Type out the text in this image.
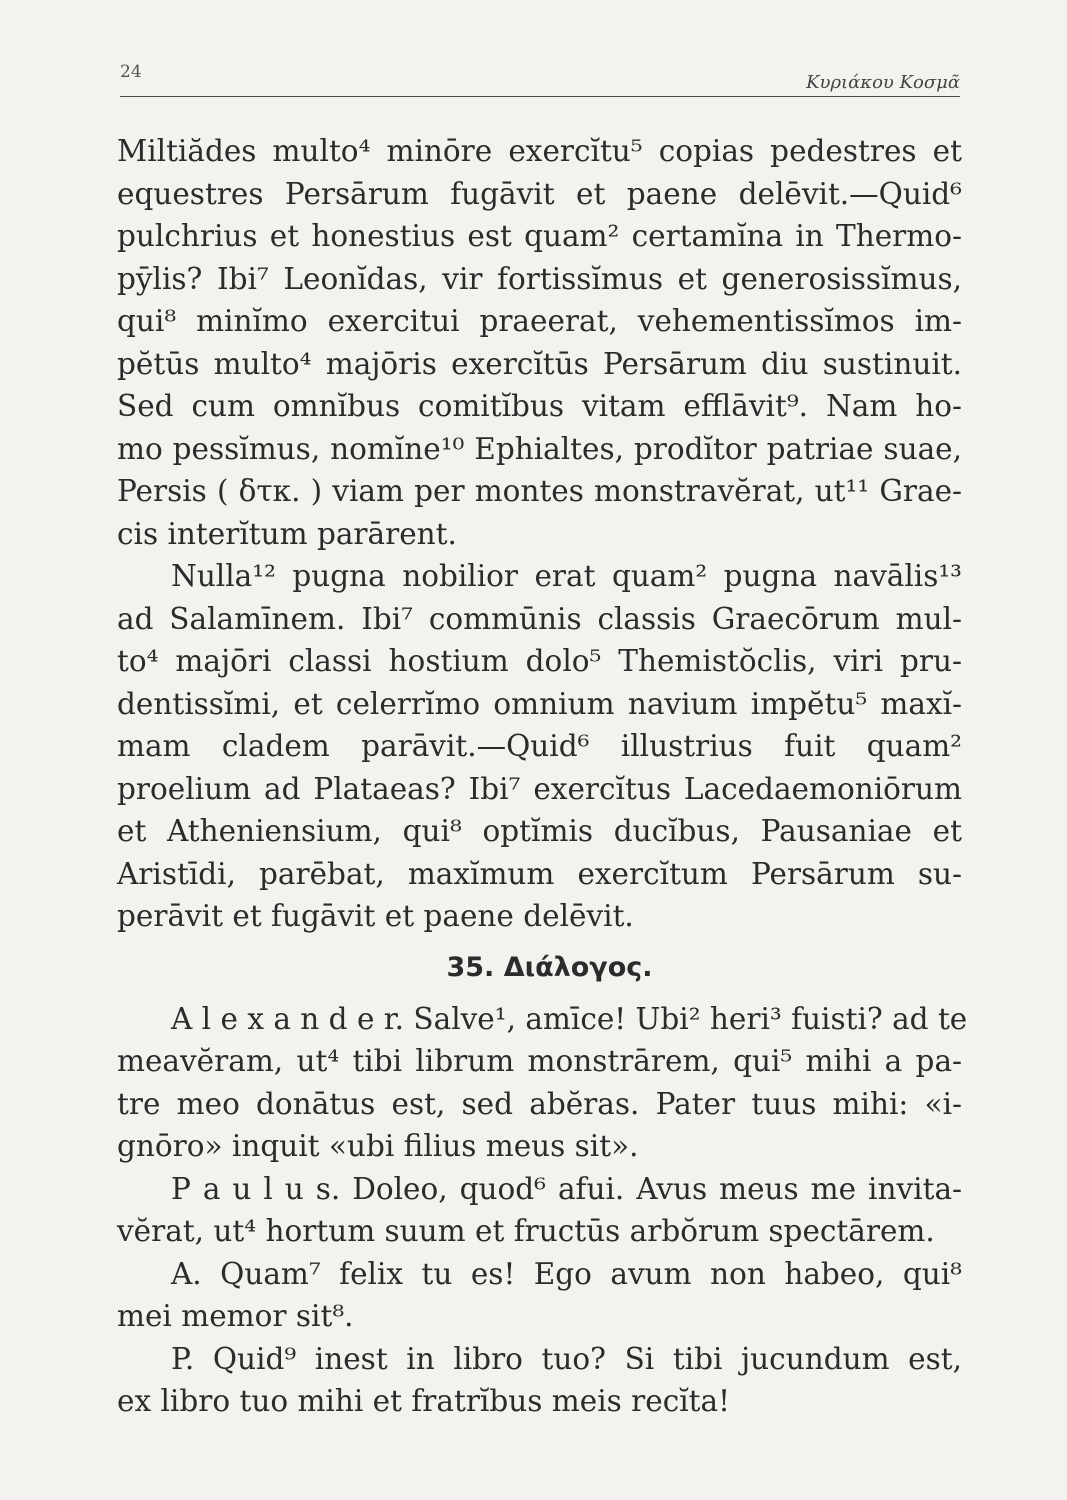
24	Κυριάκου Κοσμᾶ
Miltiădes multo⁴ minōre exercĭtu⁵ copias pedestres et
equestres Persārum fugāvit et paene delēvit.—Quid⁶
pulchrius et honestius est quam² certamĭna in Thermo-
pȳlis? Ibi⁷ Leonĭdas, vir fortissĭmus et generosissĭmus,
qui⁸ minĭmo exercitui praeerat, vehementissĭmos im-
pĕtūs multo⁴ majōris exercĭtūs Persārum diu sustinuit.
Sed cum omnĭbus comitĭbus vitam efflāvit⁹. Nam ho-
mo pessĭmus, nomĭne¹⁰ Ephialtes, prodĭtor patriae suae,
Persis ( δτκ. ) viam per montes monstravĕrat, ut¹¹ Grae-
cis interĭtum parārent.
Nulla¹² pugna nobilior erat quam² pugna navālis¹³
ad Salamīnem. Ibi⁷ commūnis classis Graecōrum mul-
to⁴ majōri classi hostium dolo⁵ Themistŏclis, viri pru-
dentissĭmi, et celerrĭmo omnium navium impĕtu⁵ maxĭ-
mam cladem parāvit.—Quid⁶ illustrius fuit quam²
proelium ad Plataeas? Ibi⁷ exercĭtus Lacedaemoniōrum
et Atheniensium, qui⁸ optĭmis ducĭbus, Pausaniae et
Aristīdi, parēbat, maxĭmum exercĭtum Persārum su-
perāvit et fugāvit et paene delēvit.
35. Διάλογος.
A l e x a n d e r. Salve¹, amīce! Ubi² heri³ fuisti? ad te
meavĕram, ut⁴ tibi librum monstrārem, qui⁵ mihi a pa-
tre meo donātus est, sed abĕras. Pater tuus mihi: «i-
gnōro» inquit «ubi filius meus sit».
P a u l u s. Doleo, quod⁶ afui. Avus meus me invita-
vĕrat, ut⁴ hortum suum et fructūs arbŏrum spectārem.
A. Quam⁷ felix tu es! Ego avum non habeo, qui⁸
mei memor sit⁸.
P. Quid⁹ inest in libro tuo? Si tibi jucundum est,
ex libro tuo mihi et fratrĭbus meis recĭta!
